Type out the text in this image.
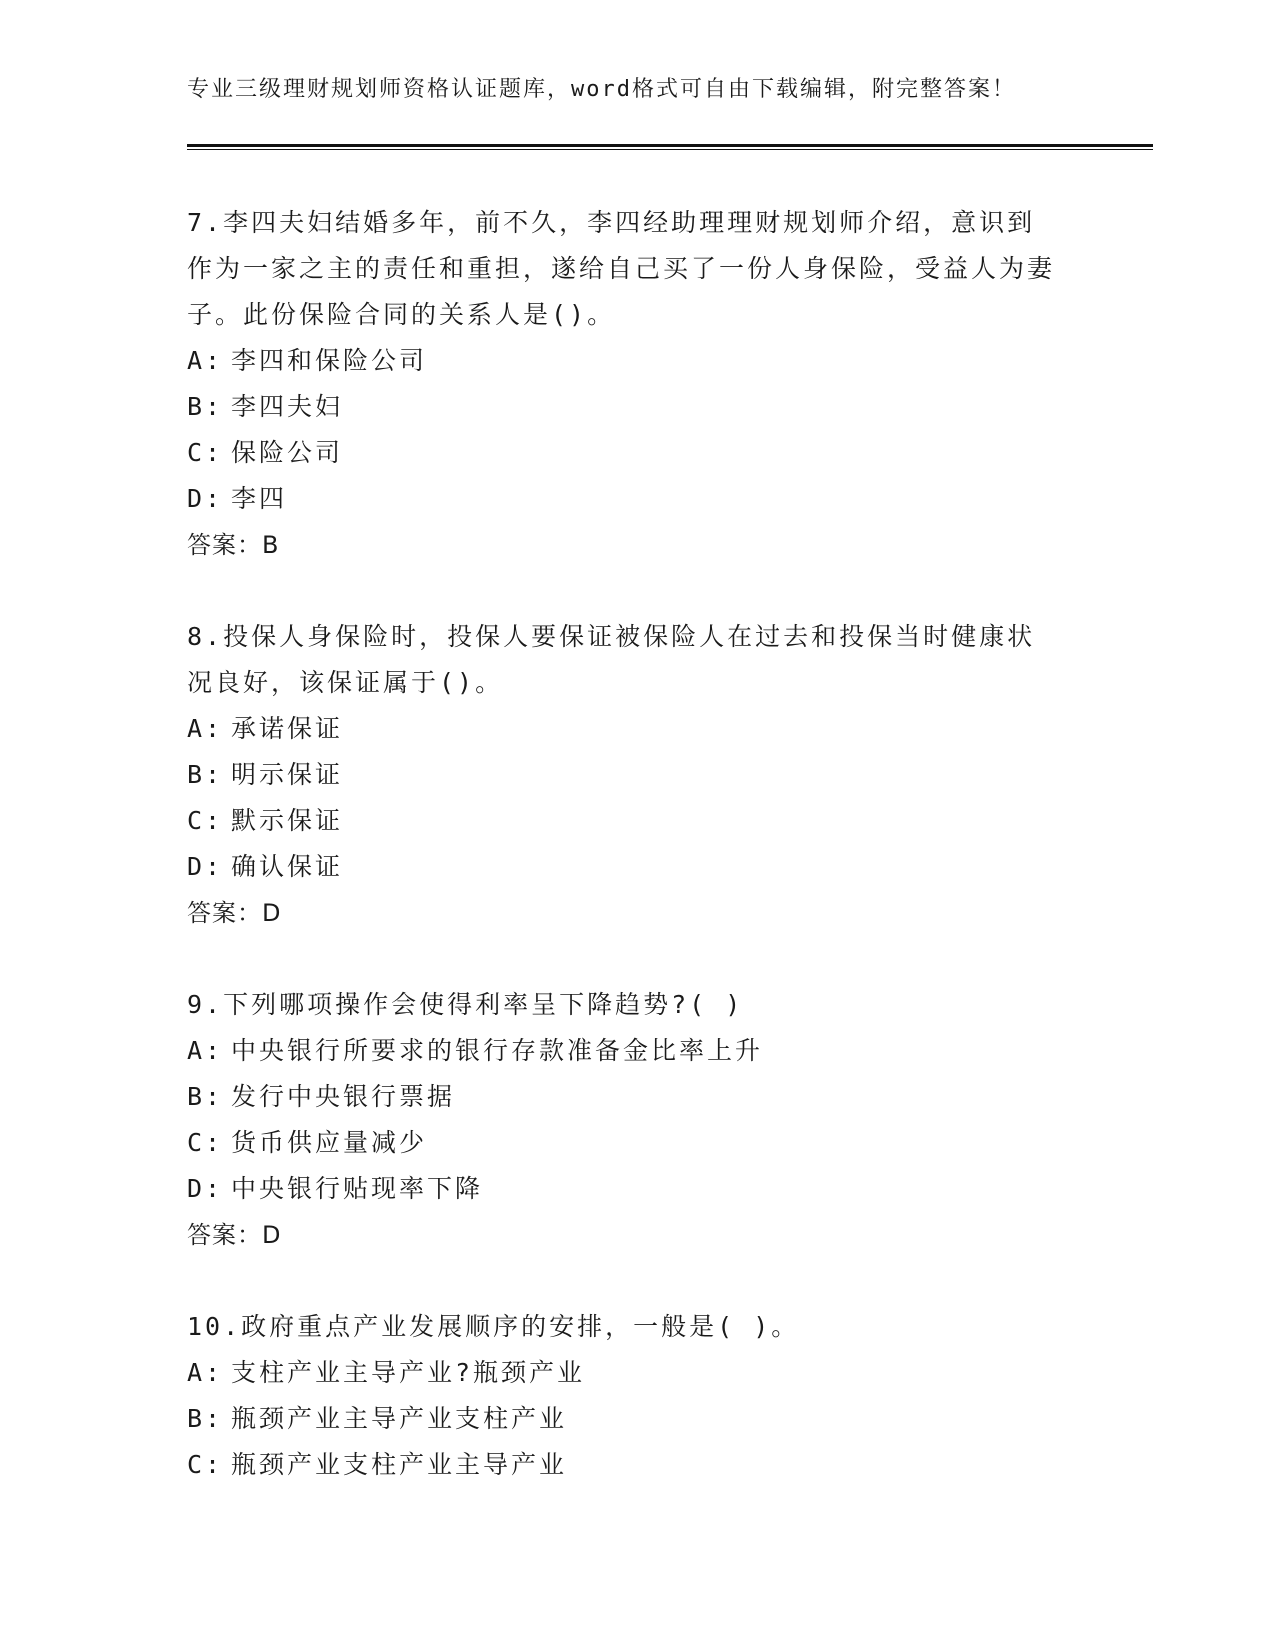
专业三级理财规划师资格认证题库，word格式可自由下载编辑，附完整答案！

7.李四夫妇结婚多年，前不久，李四经助理理财规划师介绍，意识到作为一家之主的责任和重担，遂给自己买了一份人身保险，受益人为妻子。此份保险合同的关系人是()。

A: 李四和保险公司

B: 李四夫妇

C: 保险公司

D: 李四

答案：B

8.投保人身保险时，投保人要保证被保险人在过去和投保当时健康状况良好，该保证属于()。

A: 承诺保证

B: 明示保证

C: 默示保证

D: 确认保证

答案：D

9.下列哪项操作会使得利率呈下降趋势?( )

A: 中央银行所要求的银行存款准备金比率上升

B: 发行中央银行票据

C: 货币供应量减少

D: 中央银行贴现率下降

答案：D

10.政府重点产业发展顺序的安排，一般是( )。

A: 支柱产业主导产业?瓶颈产业

B: 瓶颈产业主导产业支柱产业

C: 瓶颈产业支柱产业主导产业
